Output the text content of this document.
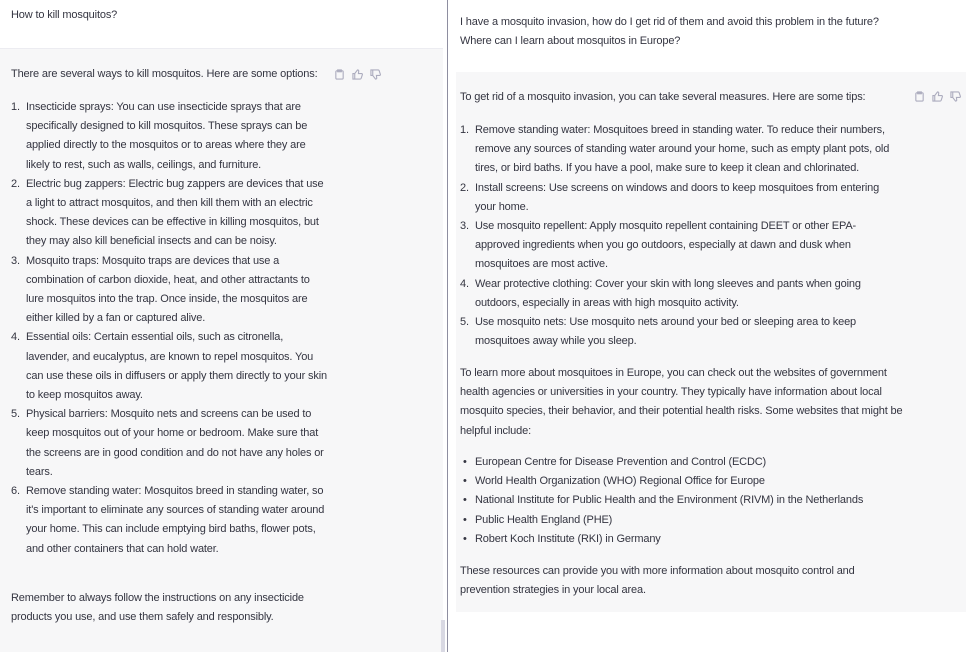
How to kill mosquitos?

There are several ways to kill mosquitos. Here are some options:

1. Insecticide sprays: You can use insecticide sprays that are specifically designed to kill mosquitos. These sprays can be applied directly to the mosquitos or to areas where they are likely to rest, such as walls, ceilings, and furniture.
2. Electric bug zappers: Electric bug zappers are devices that use a light to attract mosquitos, and then kill them with an electric shock. These devices can be effective in killing mosquitos, but they may also kill beneficial insects and can be noisy.
3. Mosquito traps: Mosquito traps are devices that use a combination of carbon dioxide, heat, and other attractants to lure mosquitos into the trap. Once inside, the mosquitos are either killed by a fan or captured alive.
4. Essential oils: Certain essential oils, such as citronella, lavender, and eucalyptus, are known to repel mosquitos. You can use these oils in diffusers or apply them directly to your skin to keep mosquitos away.
5. Physical barriers: Mosquito nets and screens can be used to keep mosquitos out of your home or bedroom. Make sure that the screens are in good condition and do not have any holes or tears.
6. Remove standing water: Mosquitos breed in standing water, so it's important to eliminate any sources of standing water around your home. This can include emptying bird baths, flower pots, and other containers that can hold water.

Remember to always follow the instructions on any insecticide products you use, and use them safely and responsibly.

I have a mosquito invasion, how do I get rid of them and avoid this problem in the future? Where can I learn about mosquitos in Europe?

To get rid of a mosquito invasion, you can take several measures. Here are some tips:

1. Remove standing water: Mosquitoes breed in standing water. To reduce their numbers, remove any sources of standing water around your home, such as empty plant pots, old tires, or bird baths. If you have a pool, make sure to keep it clean and chlorinated.
2. Install screens: Use screens on windows and doors to keep mosquitoes from entering your home.
3. Use mosquito repellent: Apply mosquito repellent containing DEET or other EPA-approved ingredients when you go outdoors, especially at dawn and dusk when mosquitoes are most active.
4. Wear protective clothing: Cover your skin with long sleeves and pants when going outdoors, especially in areas with high mosquito activity.
5. Use mosquito nets: Use mosquito nets around your bed or sleeping area to keep mosquitoes away while you sleep.

To learn more about mosquitoes in Europe, you can check out the websites of government health agencies or universities in your country. They typically have information about local mosquito species, their behavior, and their potential health risks. Some websites that might be helpful include:

• European Centre for Disease Prevention and Control (ECDC)
• World Health Organization (WHO) Regional Office for Europe
• National Institute for Public Health and the Environment (RIVM) in the Netherlands
• Public Health England (PHE)
• Robert Koch Institute (RKI) in Germany

These resources can provide you with more information about mosquito control and prevention strategies in your local area.
